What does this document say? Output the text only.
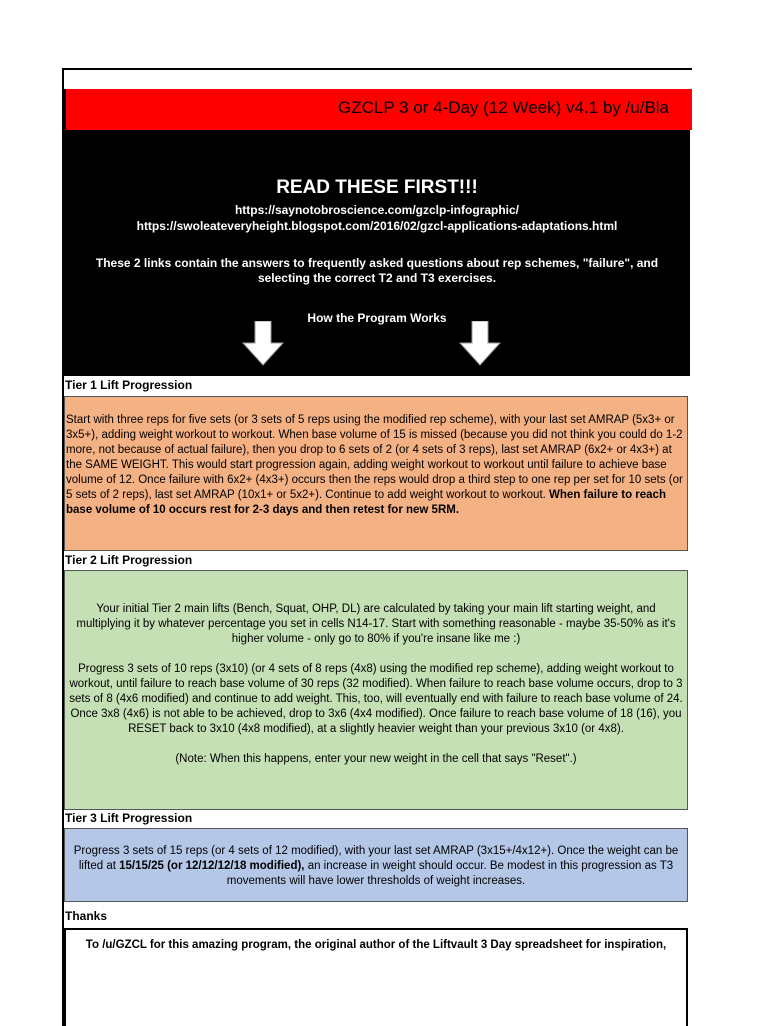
GZCLP 3 or 4-Day (12 Week) v4.1 by /u/Bla
READ THESE FIRST!!!
https://saynotobroscience.com/gzclp-infographic/
https://swoleateveryheight.blogspot.com/2016/02/gzcl-applications-adaptations.html
These 2 links contain the answers to frequently asked questions about rep schemes, "failure", and selecting the correct T2 and T3 exercises.
How the Program Works
Tier 1 Lift Progression
Start with three reps for five sets (or 3 sets of 5 reps using the modified rep scheme), with your last set AMRAP (5x3+ or 3x5+), adding weight workout to workout. When base volume of 15 is missed (because you did not think you could do 1-2 more, not because of actual failure), then you drop to 6 sets of 2 (or 4 sets of 3 reps), last set AMRAP (6x2+ or 4x3+) at the SAME WEIGHT. This would start progression again, adding weight workout to workout until failure to achieve base volume of 12. Once failure with 6x2+ (4x3+) occurs then the reps would drop a third step to one rep per set for 10 sets (or 5 sets of 2 reps), last set AMRAP (10x1+ or 5x2+). Continue to add weight workout to workout. When failure to reach base volume of 10 occurs rest for 2-3 days and then retest for new 5RM.
Tier 2 Lift Progression

Your initial Tier 2 main lifts (Bench, Squat, OHP, DL) are calculated by taking your main lift starting weight, and multiplying it by whatever percentage you set in cells N14-17. Start with something reasonable - maybe 35-50% as it's higher volume - only go to 80% if you're insane like me :)

Progress 3 sets of 10 reps (3x10) (or 4 sets of 8 reps (4x8) using the modified rep scheme), adding weight workout to workout, until failure to reach base volume of 30 reps (32 modified). When failure to reach base volume occurs, drop to 3 sets of 8 (4x6 modified) and continue to add weight. This, too, will eventually end with failure to reach base volume of 24. Once 3x8 (4x6) is not able to be achieved, drop to 3x6 (4x4 modified). Once failure to reach base volume of 18 (16), you RESET back to 3x10 (4x8 modified), at a slightly heavier weight than your previous 3x10 (or 4x8).

(Note: When this happens, enter your new weight in the cell that says "Reset".)

Tier 3 Lift Progression
Progress 3 sets of 15 reps (or 4 sets of 12 modified), with your last set AMRAP (3x15+/4x12+). Once the weight can be lifted at 15/15/25 (or 12/12/12/18 modified), an increase in weight should occur. Be modest in this progression as T3 movements will have lower thresholds of weight increases.
Thanks
To /u/GZCL for this amazing program, the original author of the Liftvault 3 Day spreadsheet for inspiration,
